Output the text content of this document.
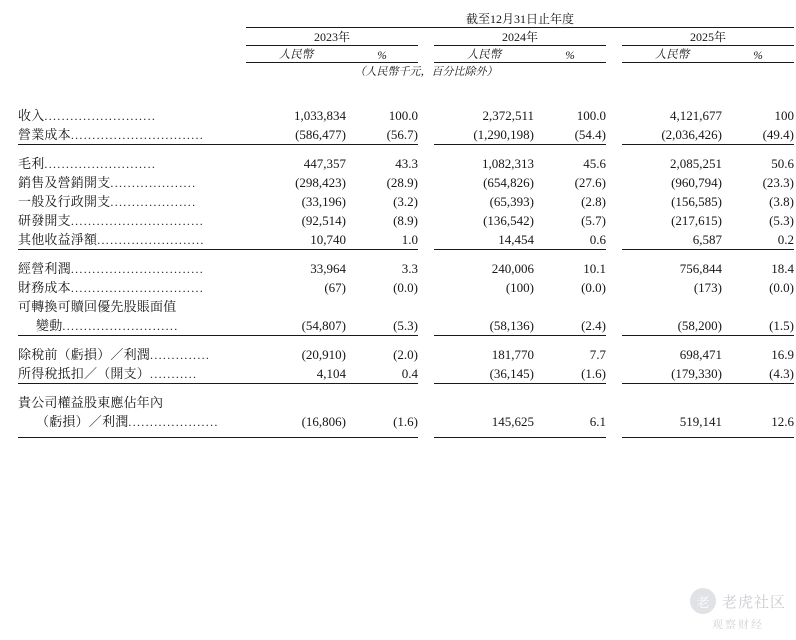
	截至12月31日止年度							
	2023年			2024年			2025年	
	人民幣	%		人民幣	%		人民幣	%
	（人民幣千元，百分比除外）							

收入..........................	1,033,834	100.0		2,372,511	100.0		4,121,677	100
營業成本...............................	(586,477)	(56.7)		(1,290,198)	(54.4)		(2,036,426)	(49.4)

毛利..........................	447,357	43.3		1,082,313	45.6		2,085,251	50.6
銷售及營銷開支....................	(298,423)	(28.9)		(654,826)	(27.6)		(960,794)	(23.3)
一般及行政開支....................	(33,196)	(3.2)		(65,393)	(2.8)		(156,585)	(3.8)
研發開支...............................	(92,514)	(8.9)		(136,542)	(5.7)		(217,615)	(5.3)
其他收益淨額.........................	10,740	1.0		14,454	0.6		6,587	0.2

經營利潤...............................	33,964	3.3		240,006	10.1		756,844	18.4
財務成本...............................	(67)	(0.0)		(100)	(0.0)		(173)	(0.0)
可轉換可贖回優先股賬面值								
變動...........................	(54,807)	(5.3)		(58,136)	(2.4)		(58,200)	(1.5)

除稅前（虧損）／利潤..............	(20,910)	(2.0)		181,770	7.7		698,471	16.9
所得稅抵扣／（開支）...........	4,104	0.4		(36,145)	(1.6)		(179,330)	(4.3)

貴公司權益股東應佔年內								
（虧損）／利潤.....................	(16,806)	(1.6)		145,625	6.1		519,141	12.6

老 老虎社区
观察财经
